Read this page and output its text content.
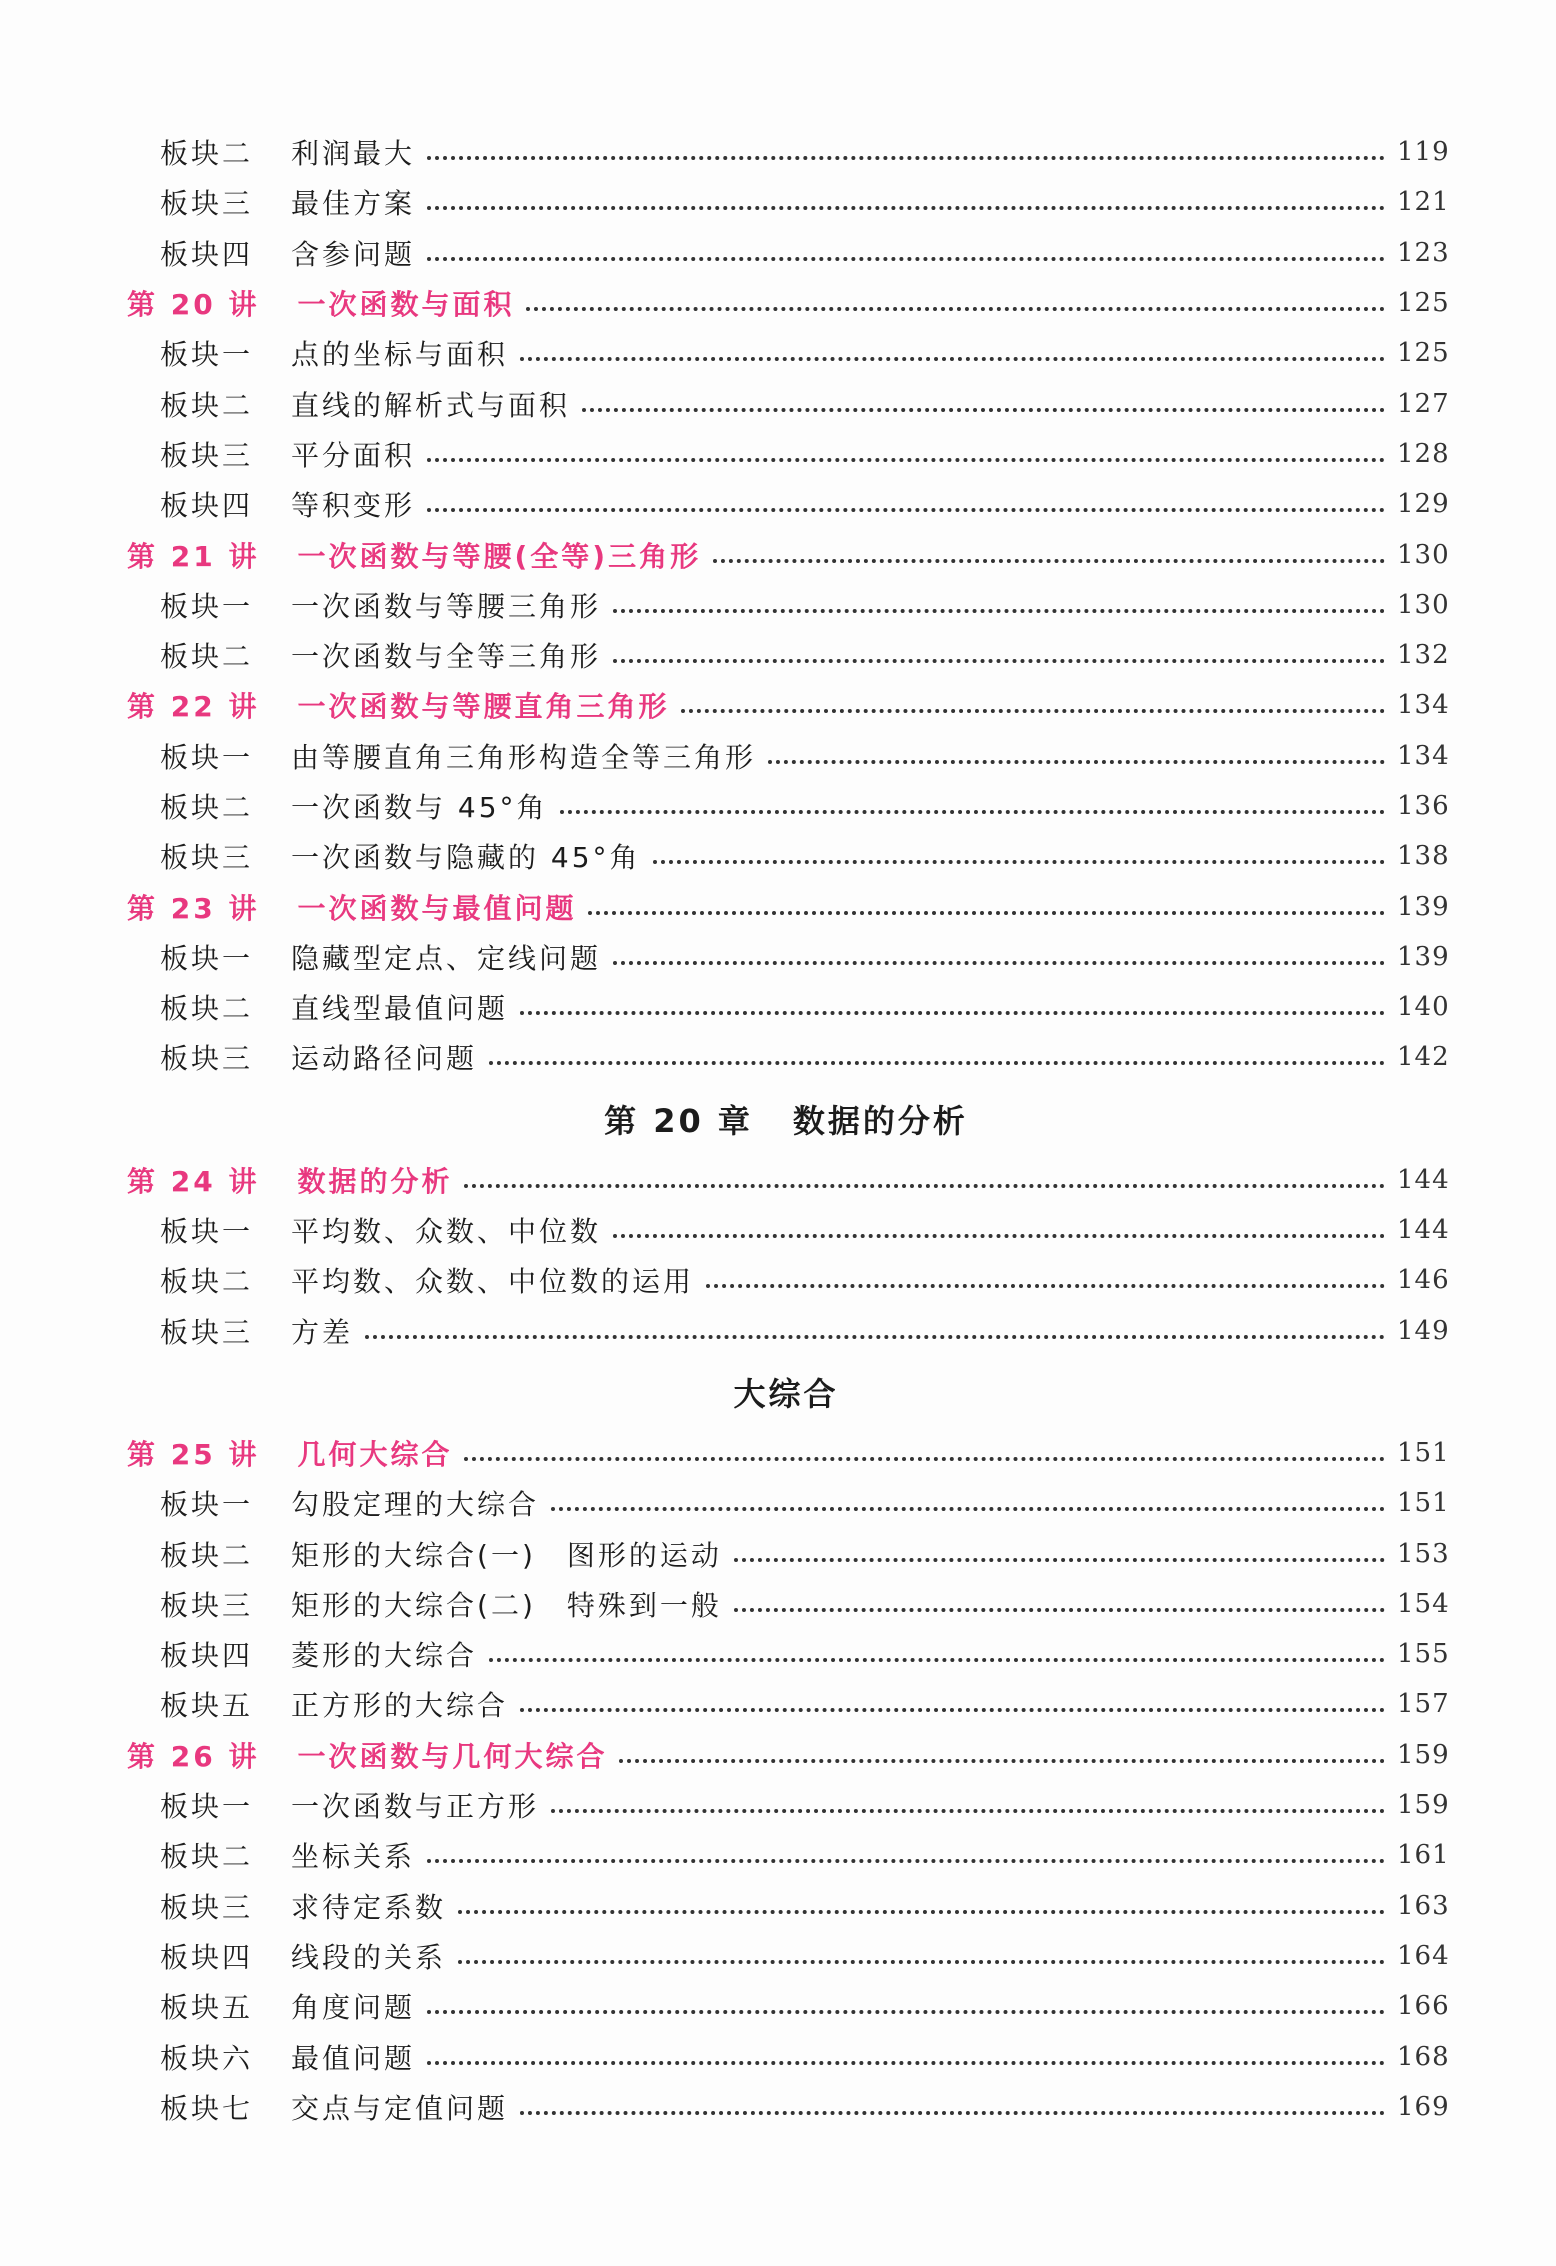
板块二 利润最大	119
板块三 最佳方案	121
板块四 含参问题	123
第 20 讲 一次函数与面积	125
板块一 点的坐标与面积	125
板块二 直线的解析式与面积	127
板块三 平分面积	128
板块四 等积变形	129
第 21 讲 一次函数与等腰(全等)三角形	130
板块一 一次函数与等腰三角形	130
板块二 一次函数与全等三角形	132
第 22 讲 一次函数与等腰直角三角形	134
板块一 由等腰直角三角形构造全等三角形	134
板块二 一次函数与 45°角	136
板块三 一次函数与隐藏的 45°角	138
第 23 讲 一次函数与最值问题	139
板块一 隐藏型定点、定线问题	139
板块二 直线型最值问题	140
板块三 运动路径问题	142
第 20 章 数据的分析
第 24 讲 数据的分析	144
板块一 平均数、众数、中位数	144
板块二 平均数、众数、中位数的运用	146
板块三 方差	149
大综合
第 25 讲 几何大综合	151
板块一 勾股定理的大综合	151
板块二 矩形的大综合(一)　图形的运动	153
板块三 矩形的大综合(二)　特殊到一般	154
板块四 菱形的大综合	155
板块五 正方形的大综合	157
第 26 讲 一次函数与几何大综合	159
板块一 一次函数与正方形	159
板块二 坐标关系	161
板块三 求待定系数	163
板块四 线段的关系	164
板块五 角度问题	166
板块六 最值问题	168
板块七 交点与定值问题	169
